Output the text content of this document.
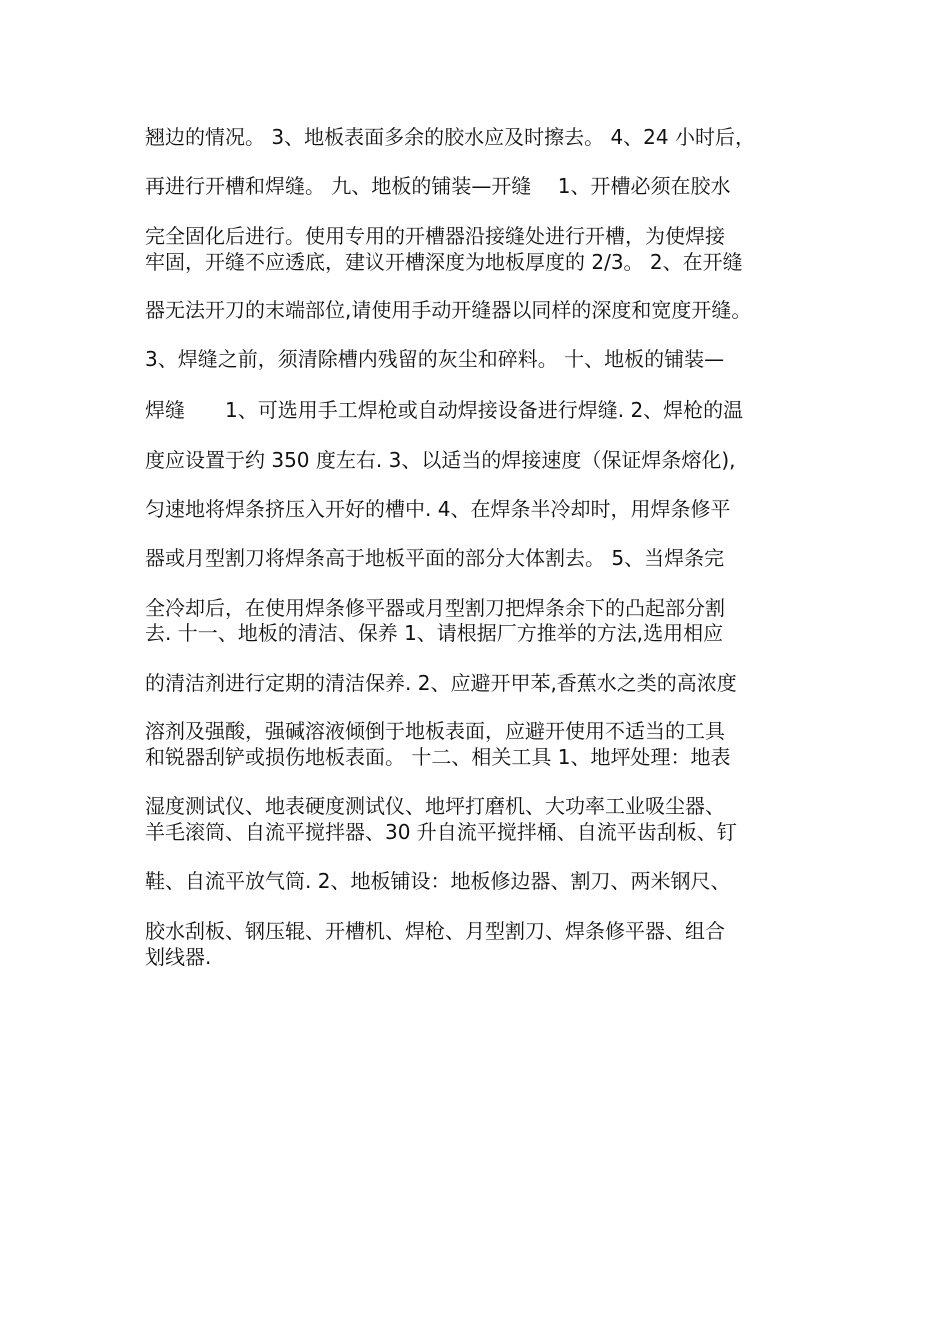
翘边的情况。 3、地板表面多余的胶水应及时擦去。 4、24 小时后，
再进行开槽和焊缝。 九、地板的铺装—开缝　 1、开槽必须在胶水
完全固化后进行。使用专用的开槽器沿接缝处进行开槽，为使焊接
牢固，开缝不应透底，建议开槽深度为地板厚度的 2/3。 2、在开缝
器无法开刀的末端部位,请使用手动开缝器以同样的深度和宽度开缝。
3、焊缝之前，须清除槽内残留的灰尘和碎料。 十、地板的铺装—
焊缝　　1、可选用手工焊枪或自动焊接设备进行焊缝. 2、焊枪的温
度应设置于约 350 度左右. 3、以适当的焊接速度（保证焊条熔化),
匀速地将焊条挤压入开好的槽中. 4、在焊条半冷却时，用焊条修平
器或月型割刀将焊条高于地板平面的部分大体割去。 5、当焊条完
全冷却后，在使用焊条修平器或月型割刀把焊条余下的凸起部分割
去. 十一、地板的清洁、保养 1、请根据厂方推举的方法,选用相应
的清洁剂进行定期的清洁保养. 2、应避开甲苯,香蕉水之类的高浓度
溶剂及强酸，强碱溶液倾倒于地板表面，应避开使用不适当的工具
和锐器刮铲或损伤地板表面。 十二、相关工具 1、地坪处理：地表
湿度测试仪、地表硬度测试仪、地坪打磨机、大功率工业吸尘器、
羊毛滚筒、自流平搅拌器、30 升自流平搅拌桶、自流平齿刮板、钉
鞋、自流平放气筒. 2、地板铺设：地板修边器、割刀、两米钢尺、
胶水刮板、钢压辊、开槽机、焊枪、月型割刀、焊条修平器、组合
划线器.
